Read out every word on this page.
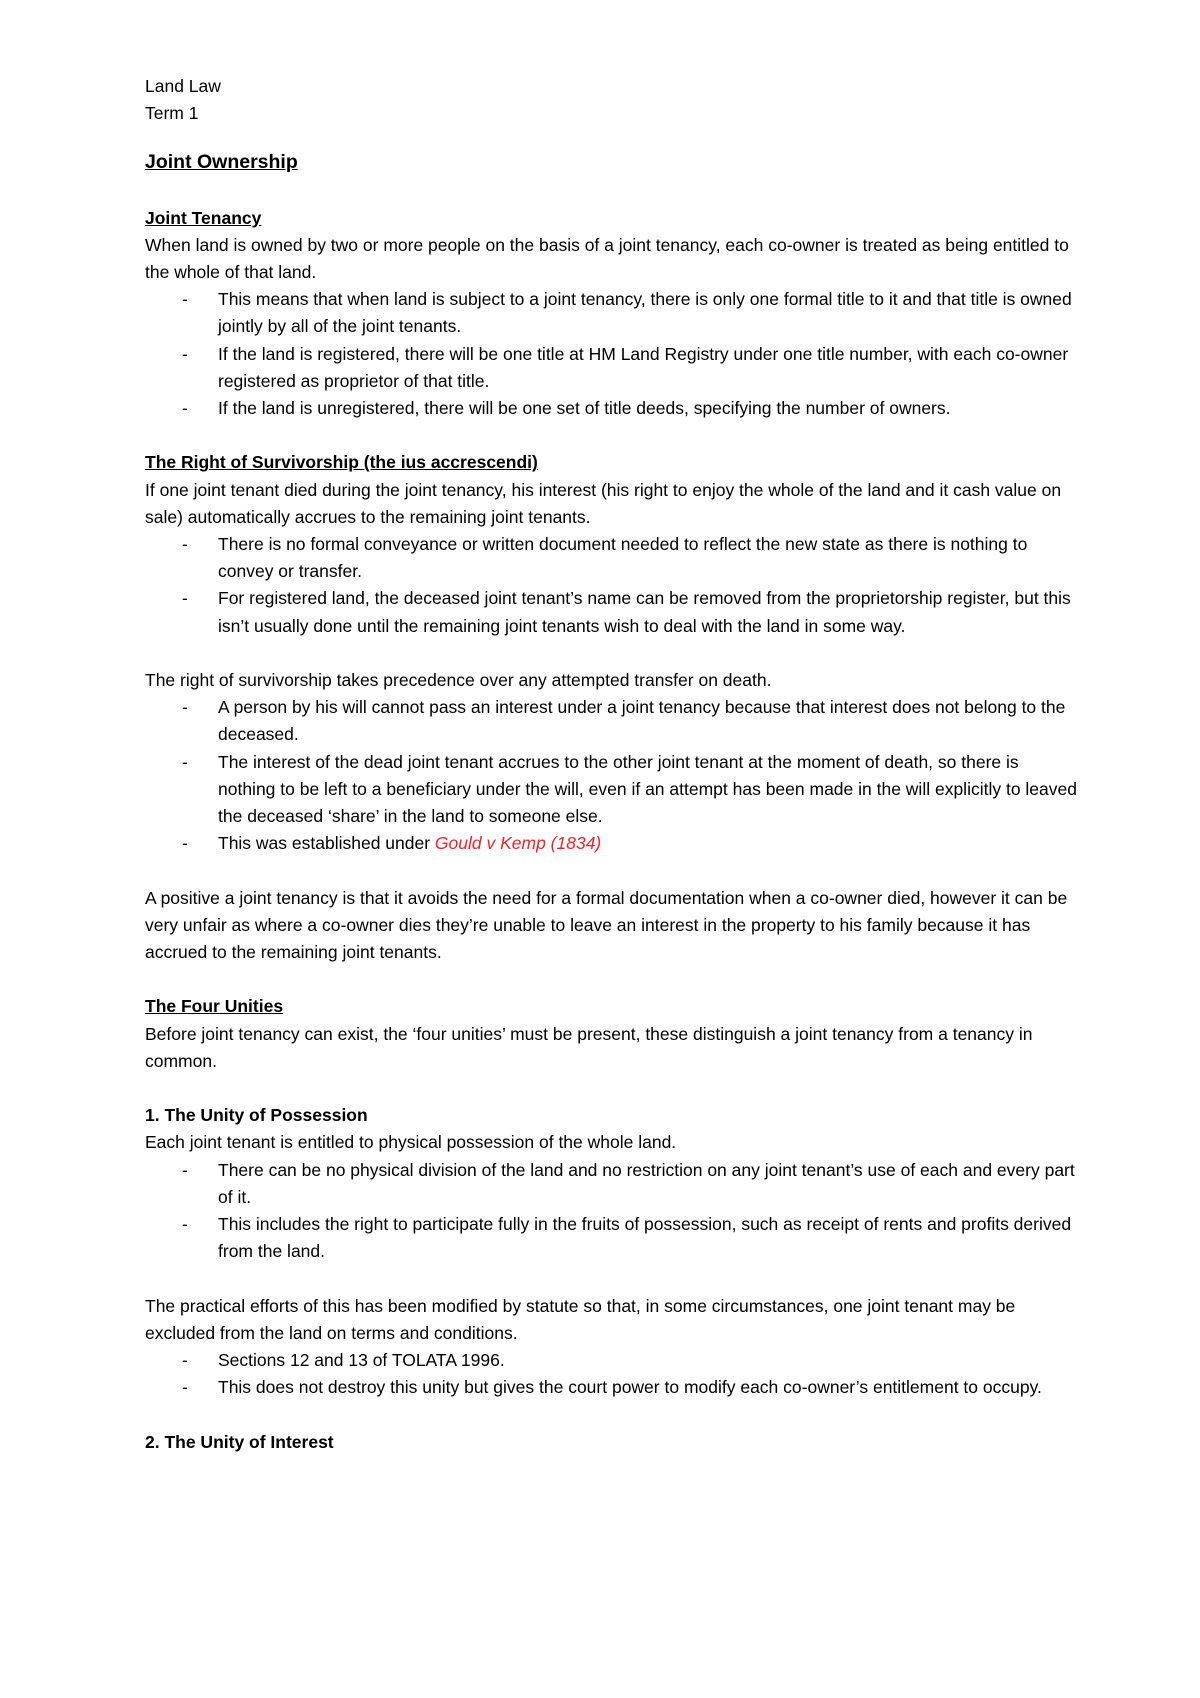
Land Law
Term 1

Joint Ownership

Joint Tenancy

When land is owned by two or more people on the basis of a joint tenancy, each co-owner is treated as being entitled to the whole of that land.

- This means that when land is subject to a joint tenancy, there is only one formal title to it and that title is owned jointly by all of the joint tenants.
- If the land is registered, there will be one title at HM Land Registry under one title number, with each co-owner registered as proprietor of that title.
- If the land is unregistered, there will be one set of title deeds, specifying the number of owners.

The Right of Survivorship (the ius accrescendi)

If one joint tenant died during the joint tenancy, his interest (his right to enjoy the whole of the land and it cash value on sale) automatically accrues to the remaining joint tenants.

- There is no formal conveyance or written document needed to reflect the new state as there is nothing to convey or transfer.
- For registered land, the deceased joint tenant’s name can be removed from the proprietorship register, but this isn’t usually done until the remaining joint tenants wish to deal with the land in some way.

The right of survivorship takes precedence over any attempted transfer on death.

- A person by his will cannot pass an interest under a joint tenancy because that interest does not belong to the deceased.
- The interest of the dead joint tenant accrues to the other joint tenant at the moment of death, so there is nothing to be left to a beneficiary under the will, even if an attempt has been made in the will explicitly to leaved the deceased ‘share’ in the land to someone else.
- This was established under Gould v Kemp (1834)

A positive a joint tenancy is that it avoids the need for a formal documentation when a co-owner died, however it can be very unfair as where a co-owner dies they’re unable to leave an interest in the property to his family because it has accrued to the remaining joint tenants.

The Four Unities

Before joint tenancy can exist, the ‘four unities’ must be present, these distinguish a joint tenancy from a tenancy in common.

1. The Unity of Possession

Each joint tenant is entitled to physical possession of the whole land.

- There can be no physical division of the land and no restriction on any joint tenant’s use of each and every part of it.
- This includes the right to participate fully in the fruits of possession, such as receipt of rents and profits derived from the land.

The practical efforts of this has been modified by statute so that, in some circumstances, one joint tenant may be excluded from the land on terms and conditions.

- Sections 12 and 13 of TOLATA 1996.
- This does not destroy this unity but gives the court power to modify each co-owner’s entitlement to occupy.

2. The Unity of Interest
